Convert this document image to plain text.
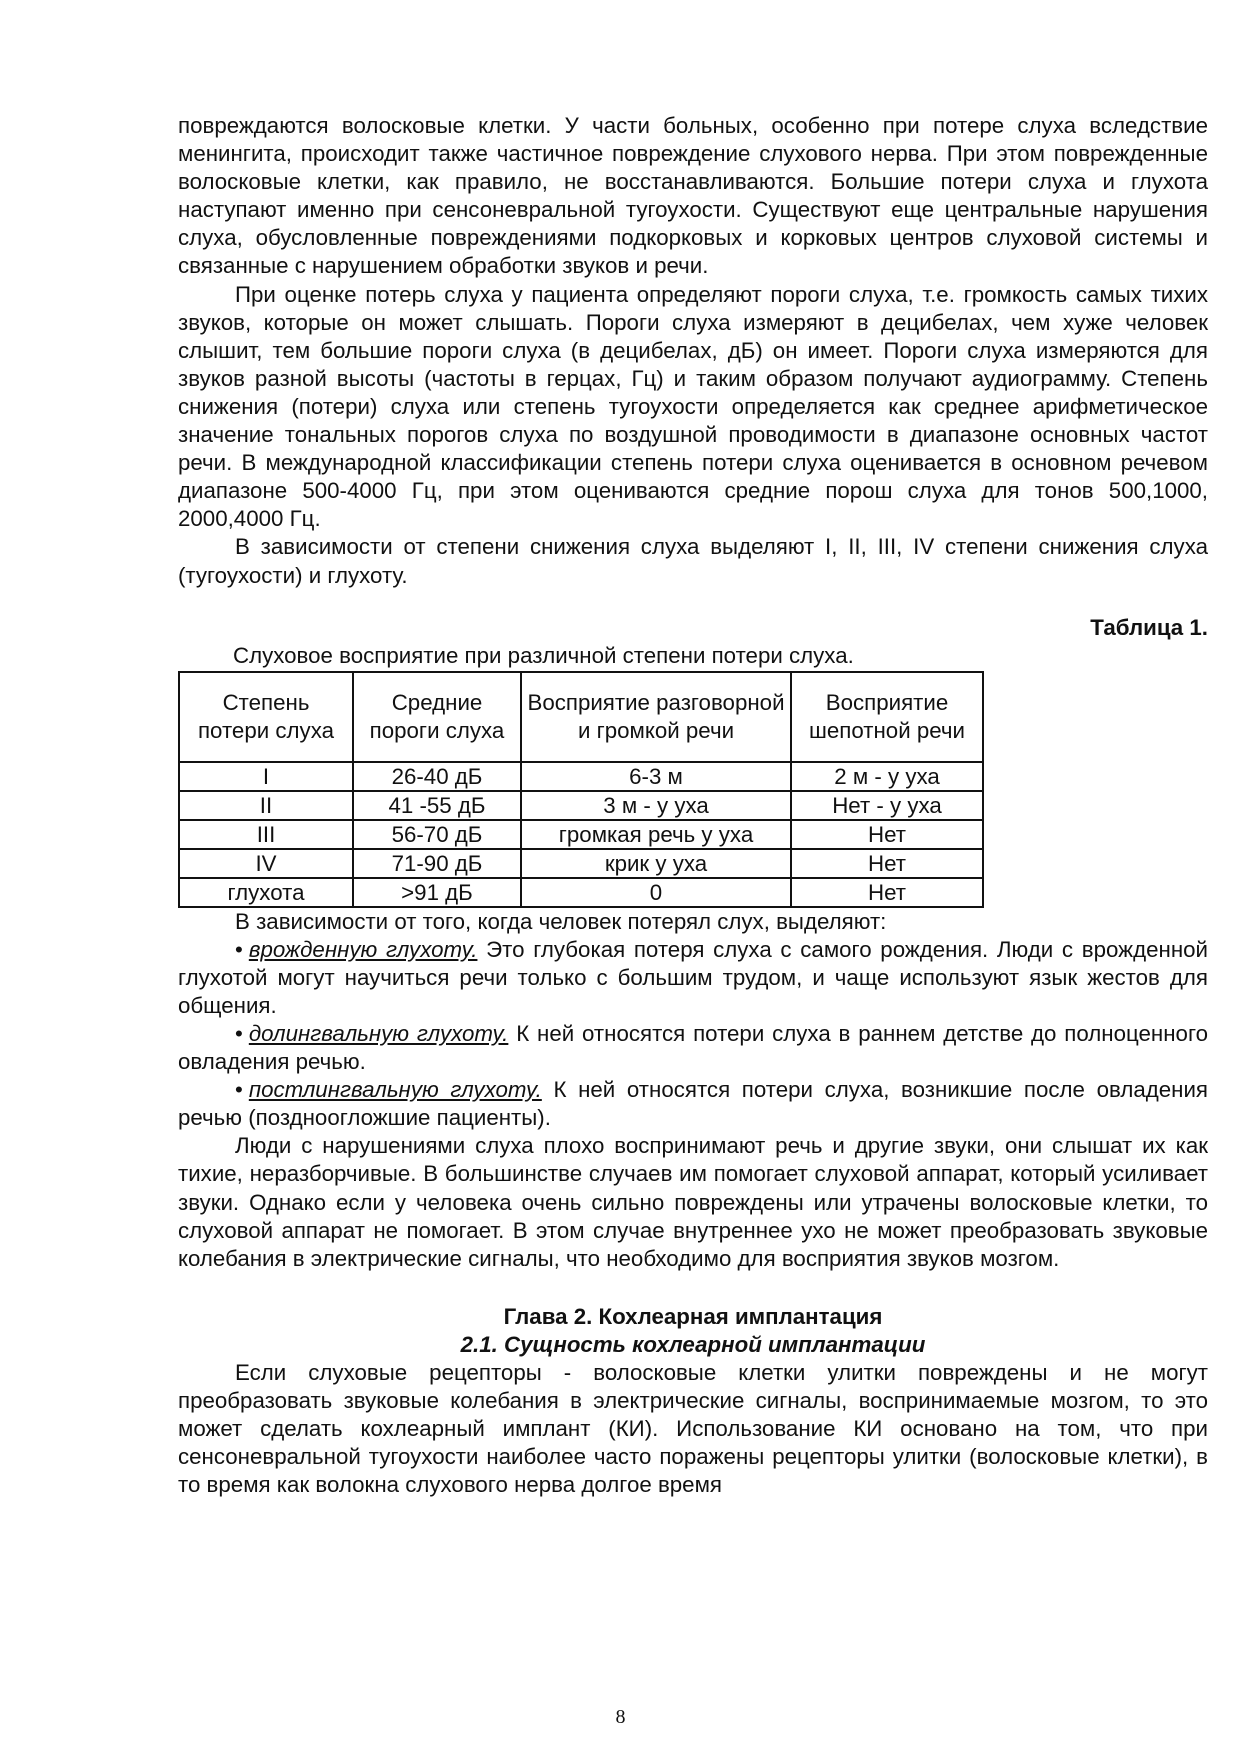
повреждаются волосковые клетки. У части больных, особенно при потере слуха вследствие менингита, происходит также частичное повреждение слухового нерва. При этом поврежденные волосковые клетки, как правило, не восстанавливаются. Большие потери слуха и глухота наступают именно при сенсоневральной тугоухости. Существуют еще центральные нарушения слуха, обусловленные повреждениями подкорковых и корковых центров слуховой системы и связанные с нарушением обработки звуков и речи.

При оценке потерь слуха у пациента определяют пороги слуха, т.е. громкость самых тихих звуков, которые он может слышать. Пороги слуха измеряют в децибелах, чем хуже человек слышит, тем большие пороги слуха (в децибелах, дБ) он имеет. Пороги слуха измеряются для звуков разной высоты (частоты в герцах, Гц) и таким образом получают аудиограмму. Степень снижения (потери) слуха или степень тугоухости определяется как среднее арифметическое значение тональных порогов слуха по воздушной проводимости в диапазоне основных частот речи. В международной классификации степень потери слуха оценивается в основном речевом диапазоне 500-4000 Гц, при этом оцениваются средние порош слуха для тонов 500,1000, 2000,4000 Гц.

В зависимости от степени снижения слуха выделяют I, II, III, IV степени снижения слуха (тугоухости) и глухоту.

Таблица 1.
Слуховое восприятие при различной степени потери слуха.
Степень потери слуха	Средние пороги слуха	Восприятие разговорной и громкой речи	Восприятие шепотной речи
I	26-40 дБ	6-3 м	2 м - у уха
II	41 -55 дБ	3 м - у уха	Нет - у уха
III	56-70 дБ	громкая речь у уха	Нет
IV	71-90 дБ	крик у уха	Нет
глухота	>91 дБ	0	Нет

В зависимости от того, когда человек потерял слух, выделяют:

• врожденную глухоту. Это глубокая потеря слуха с самого рождения. Люди с врожденной глухотой могут научиться речи только с большим трудом, и чаще используют язык жестов для общения.

• долингвальную глухоту. К ней относятся потери слуха в раннем детстве до полноценного овладения речью.

• постлингвальную глухоту. К ней относятся потери слуха, возникшие после овладения речью (поздноогложшие пациенты).

Люди с нарушениями слуха плохо воспринимают речь и другие звуки, они слышат их как тихие, неразборчивые. В большинстве случаев им помогает слуховой аппарат, который усиливает звуки. Однако если у человека очень сильно повреждены или утрачены волосковые клетки, то слуховой аппарат не помогает. В этом случае внутреннее ухо не может преобразовать звуковые колебания в электрические сигналы, что необходимо для восприятия звуков мозгом.

Глава 2. Кохлеарная имплантация
2.1. Сущность кохлеарной имплантации

Если слуховые рецепторы - волосковые клетки улитки повреждены и не могут преобразовать звуковые колебания в электрические сигналы, воспринимаемые мозгом, то это может сделать кохлеарный имплант (КИ). Использование КИ основано на том, что при сенсоневральной тугоухости наиболее часто поражены рецепторы улитки (волосковые клетки), в то время как волокна слухового нерва долгое время

8
